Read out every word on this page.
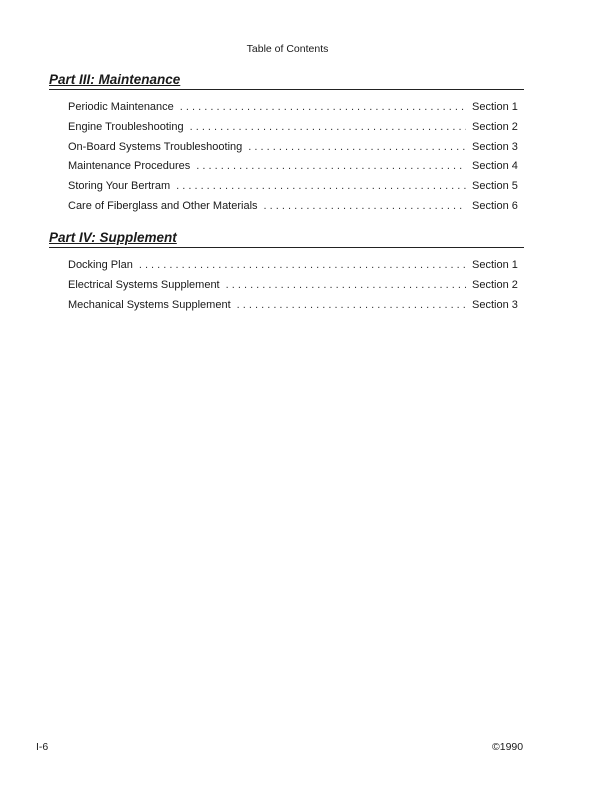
Table of Contents
Part III: Maintenance
Periodic Maintenance . . .	Section 1
Engine Troubleshooting . . .	Section 2
On-Board Systems Troubleshooting . . .	Section 3
Maintenance Procedures . . .	Section 4
Storing Your Bertram . . .	Section 5
Care of Fiberglass and Other Materials . . .	Section 6
Part IV: Supplement
Docking Plan . . .	Section 1
Electrical Systems Supplement . . .	Section 2
Mechanical Systems Supplement . . .	Section 3
I-6	©1990
